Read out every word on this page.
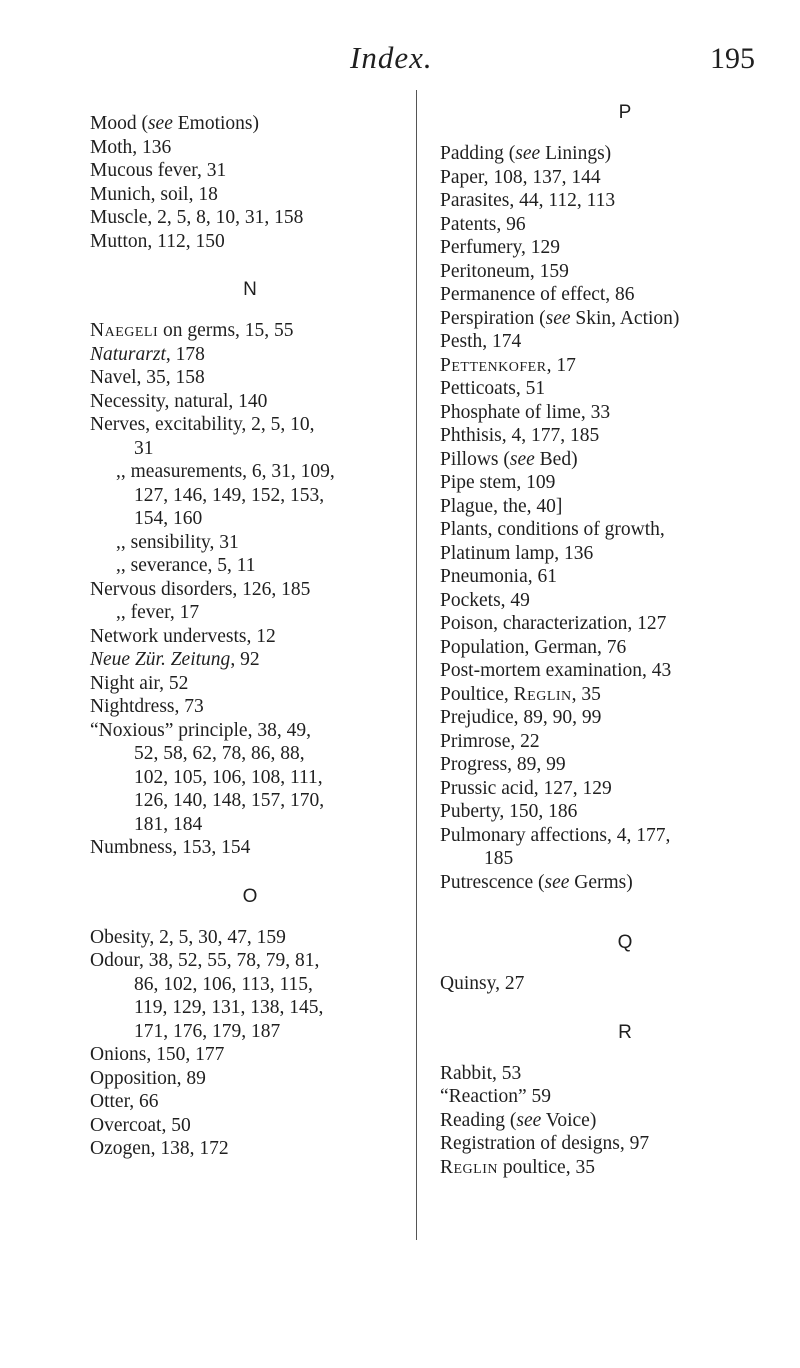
Index.	195
Mood (see Emotions)
Moth, 136
Mucous fever, 31
Munich, soil, 18
Muscle, 2, 5, 8, 10, 31, 158
Mutton, 112, 150
N
Naegeli on germs, 15, 55
Naturarzt, 178
Navel, 35, 158
Necessity, natural, 140
Nerves, excitability, 2, 5, 10,
31
,, measurements, 6, 31, 109,
127, 146, 149, 152, 153,
154, 160
,, sensibility, 31
,, severance, 5, 11
Nervous disorders, 126, 185
,, fever, 17
Network undervests, 12
Neue Zür. Zeitung, 92
Night air, 52
Nightdress, 73
“Noxious” principle, 38, 49,
52, 58, 62, 78, 86, 88,
102, 105, 106, 108, 111,
126, 140, 148, 157, 170,
181, 184
Numbness, 153, 154
O
Obesity, 2, 5, 30, 47, 159
Odour, 38, 52, 55, 78, 79, 81,
86, 102, 106, 113, 115,
119, 129, 131, 138, 145,
171, 176, 179, 187
Onions, 150, 177
Opposition, 89
Otter, 66
Overcoat, 50
Ozogen, 138, 172
P
Padding (see Linings)
Paper, 108, 137, 144
Parasites, 44, 112, 113
Patents, 96
Perfumery, 129
Peritoneum, 159
Permanence of effect, 86
Perspiration (see Skin, Action)
Pesth, 174
Pettenkofer, 17
Petticoats, 51
Phosphate of lime, 33
Phthisis, 4, 177, 185
Pillows (see Bed)
Pipe stem, 109
Plague, the, 40]
Plants, conditions of growth,
Platinum lamp, 136
Pneumonia, 61
Pockets, 49
Poison, characterization, 127
Population, German, 76
Post-mortem examination, 43
Poultice, Reglin, 35
Prejudice, 89, 90, 99
Primrose, 22
Progress, 89, 99
Prussic acid, 127, 129
Puberty, 150, 186
Pulmonary affections, 4, 177,
185
Putrescence (see Germs)
Q
Quinsy, 27
R
Rabbit, 53
“Reaction” 59
Reading (see Voice)
Registration of designs, 97
Reglin poultice, 35
